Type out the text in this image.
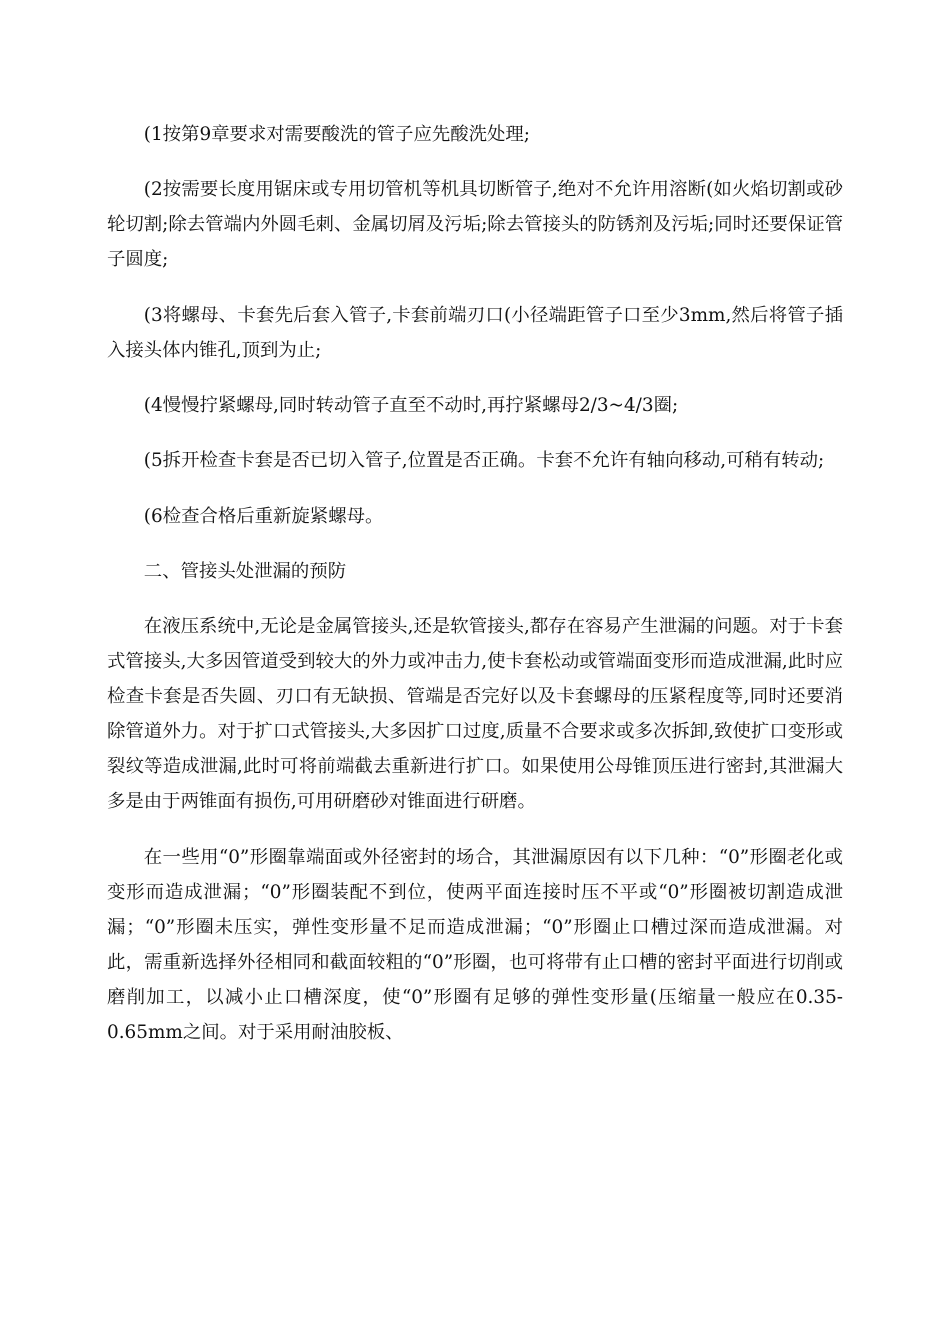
(1按第9章要求对需要酸洗的管子应先酸洗处理;

(2按需要长度用锯床或专用切管机等机具切断管子,绝对不允许用溶断(如火焰切割或砂轮切割;除去管端内外圆毛刺、金属切屑及污垢;除去管接头的防锈剂及污垢;同时还要保证管子圆度;

(3将螺母、卡套先后套入管子,卡套前端刃口(小径端距管子口至少3mm,然后将管子插入接头体内锥孔,顶到为止;

(4慢慢拧紧螺母,同时转动管子直至不动时,再拧紧螺母2/3~4/3圈;

(5拆开检查卡套是否已切入管子,位置是否正确。卡套不允许有轴向移动,可稍有转动;

(6检查合格后重新旋紧螺母。

二、管接头处泄漏的预防

在液压系统中,无论是金属管接头,还是软管接头,都存在容易产生泄漏的问题。对于卡套式管接头,大多因管道受到较大的外力或冲击力,使卡套松动或管端面变形而造成泄漏,此时应检查卡套是否失圆、刃口有无缺损、管端是否完好以及卡套螺母的压紧程度等,同时还要消除管道外力。对于扩口式管接头,大多因扩口过度,质量不合要求或多次拆卸,致使扩口变形或裂纹等造成泄漏,此时可将前端截去重新进行扩口。如果使用公母锥顶压进行密封,其泄漏大多是由于两锥面有损伤,可用研磨砂对锥面进行研磨。

在一些用“0”形圈靠端面或外径密封的场合，其泄漏原因有以下几种：“0”形圈老化或变形而造成泄漏；“0”形圈装配不到位，使两平面连接时压不平或“0”形圈被切割造成泄漏；“0”形圈未压实，弹性变形量不足而造成泄漏；“0”形圈止口槽过深而造成泄漏。对此，需重新选择外径相同和截面较粗的“0”形圈，也可将带有止口槽的密封平面进行切削或磨削加工，以减小止口槽深度，使“0”形圈有足够的弹性变形量(压缩量一般应在0.35-0.65mm之间。对于采用耐油胶板、
